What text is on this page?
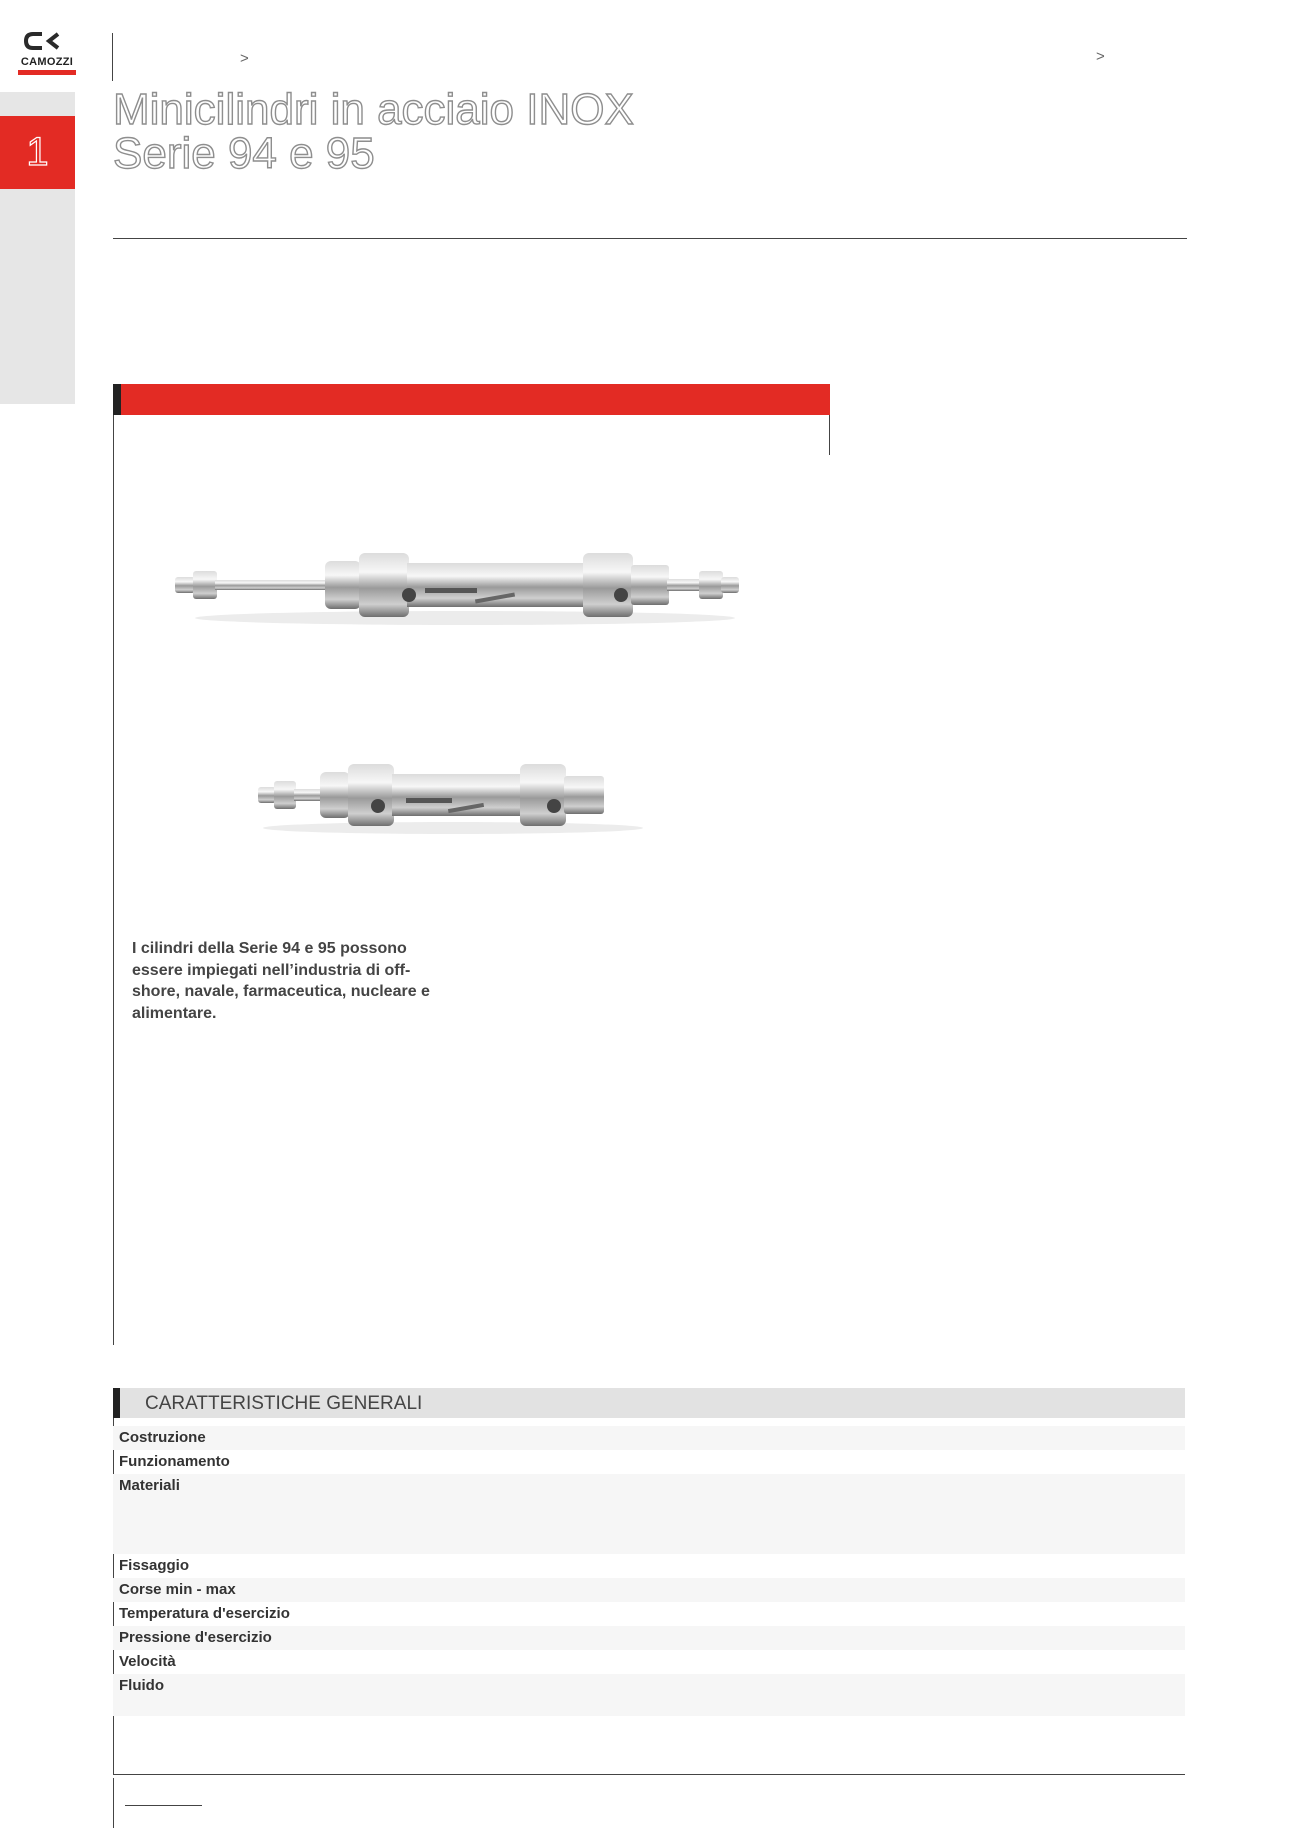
CAMOZZI	>	>
1
Minicilindri in acciaio INOX
Serie 94 e 95

I cilindri della Serie 94 e 95 possono essere impiegati nell’industria di off-shore, navale, farmaceutica, nucleare e alimentare.

CARATTERISTICHE GENERALI
Costruzione
Funzionamento
Materiali
Fissaggio
Corse min - max
Temperatura d'esercizio
Pressione d'esercizio
Velocità
Fluido
